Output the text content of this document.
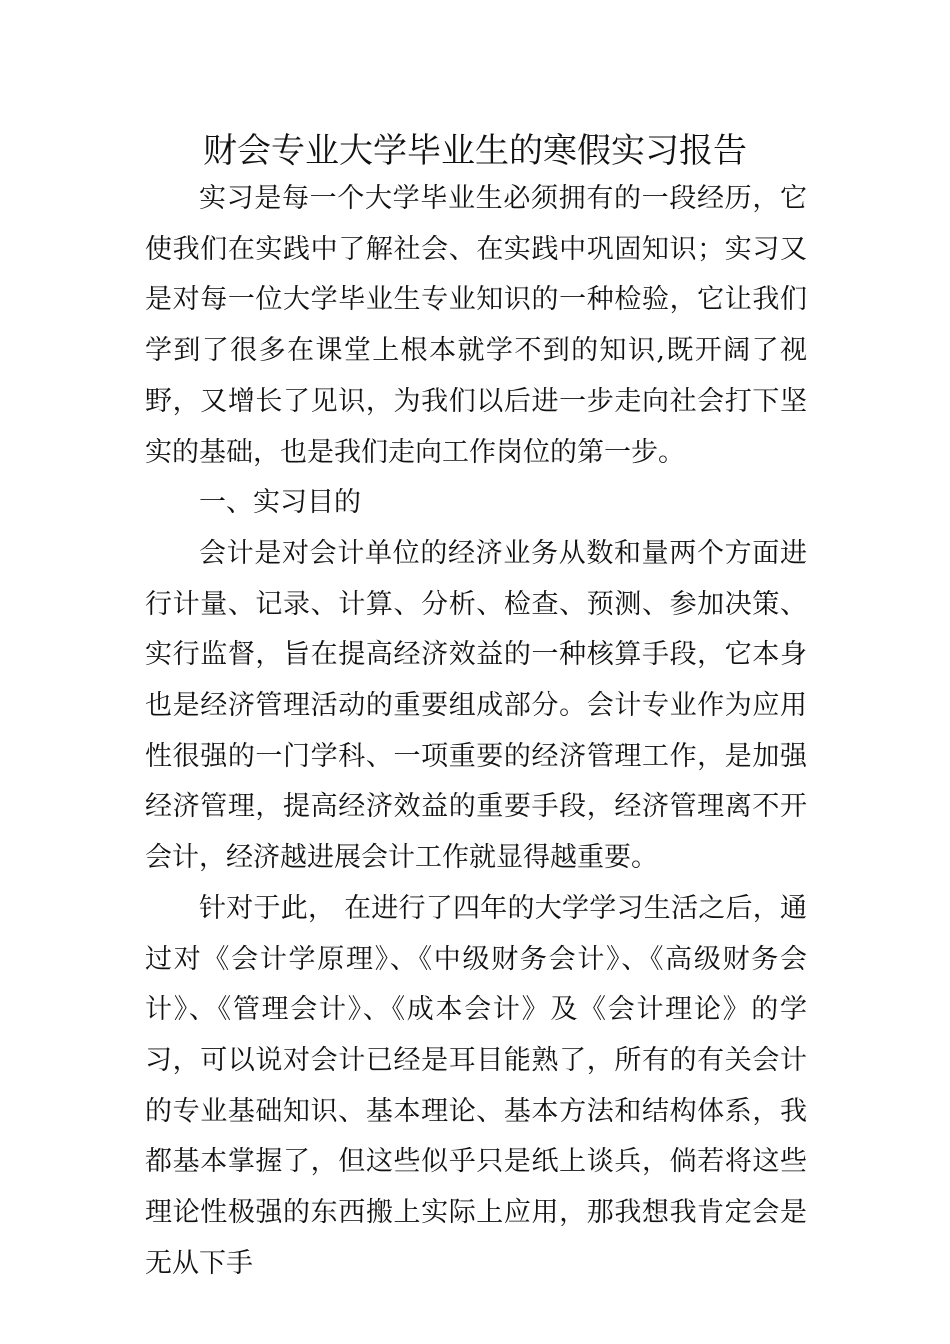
财会专业大学毕业生的寒假实习报告

实习是每一个大学毕业生必须拥有的一段经历，它使我们在实践中了解社会、在实践中巩固知识；实习又是对每一位大学毕业生专业知识的一种检验，它让我们学到了很多在课堂上根本就学不到的知识,既开阔了视野，又增长了见识，为我们以后进一步走向社会打下坚实的基础，也是我们走向工作岗位的第一步。

一、实习目的

会计是对会计单位的经济业务从数和量两个方面进行计量、记录、计算、分析、检查、预测、参加决策、实行监督，旨在提高经济效益的一种核算手段，它本身也是经济管理活动的重要组成部分。会计专业作为应用性很强的一门学科、一项重要的经济管理工作，是加强经济管理，提高经济效益的重要手段，经济管理离不开会计，经济越进展会计工作就显得越重要。

针对于此， 在进行了四年的大学学习生活之后，通过对《会计学原理》、《中级财务会计》、《高级财务会计》、《管理会计》、《成本会计》及《会计理论》的学习，可以说对会计已经是耳目能熟了，所有的有关会计的专业基础知识、基本理论、基本方法和结构体系，我都基本掌握了，但这些似乎只是纸上谈兵，倘若将这些理论性极强的东西搬上实际上应用，那我想我肯定会是无从下手
